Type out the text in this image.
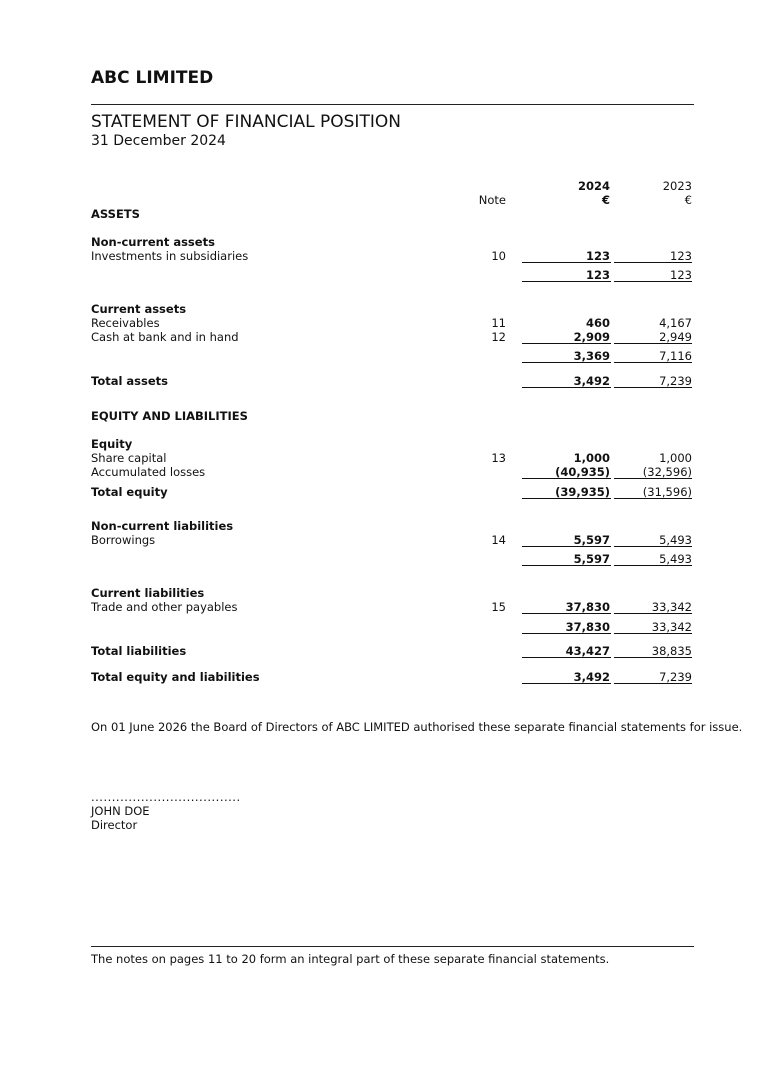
ABC LIMITED
STATEMENT OF FINANCIAL POSITION
31 December 2024
2024	2023
Note	€	€
ASSETS
Non-current assets
Investments in subsidiaries	10	123	123
123	123
Current assets
Receivables	11	460	4,167
Cash at bank and in hand	12	2,909	2,949
3,369	7,116
Total assets	3,492	7,239
EQUITY AND LIABILITIES
Equity
Share capital	13	1,000	1,000
Accumulated losses	(40,935)	(32,596)
Total equity	(39,935)	(31,596)
Non-current liabilities
Borrowings	14	5,597	5,493
5,597	5,493
Current liabilities
Trade and other payables	15	37,830	33,342
37,830	33,342
Total liabilities	43,427	38,835
Total equity and liabilities	3,492	7,239
On 01 June 2026 the Board of Directors of ABC LIMITED authorised these separate financial statements for issue.
....................................
JOHN DOE
Director
The notes on pages 11 to 20 form an integral part of these separate financial statements.
